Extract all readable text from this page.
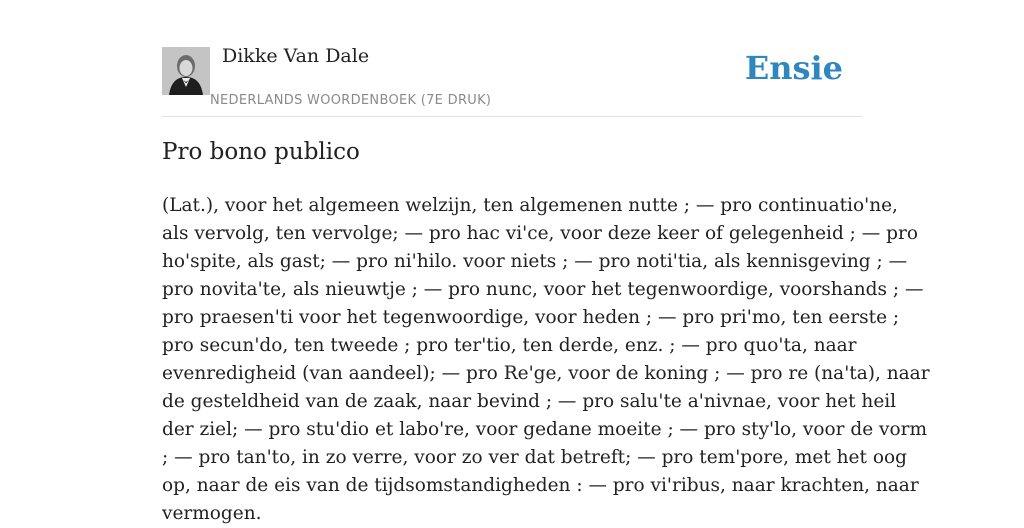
Dikke Van Dale
NEDERLANDS WOORDENBOEK (7E DRUK)
Ensie
Pro bono publico

(Lat.), voor het algemeen welzijn, ten algemenen nutte ; — pro continuatio'ne,
als vervolg, ten vervolge; — pro hac vi'ce, voor deze keer of gelegenheid ; — pro
ho'spite, als gast; — pro ni'hilo. voor niets ; — pro noti'tia, als kennisgeving ; —
pro novita'te, als nieuwtje ; — pro nunc, voor het tegenwoordige, voorshands ; —
pro praesen'ti voor het tegenwoordige, voor heden ; — pro pri'mo, ten eerste ;
pro secun'do, ten tweede ; pro ter'tio, ten derde, enz. ; — pro quo'ta, naar
evenredigheid (van aandeel); — pro Re'ge, voor de koning ; — pro re (na'ta), naar
de gesteldheid van de zaak, naar bevind ; — pro salu'te a'nivnae, voor het heil
der ziel; — pro stu'dio et labo're, voor gedane moeite ; — pro sty'lo, voor de vorm
; — pro tan'to, in zo verre, voor zo ver dat betreft; — pro tem'pore, met het oog
op, naar de eis van de tijdsomstandigheden : — pro vi'ribus, naar krachten, naar
vermogen.
